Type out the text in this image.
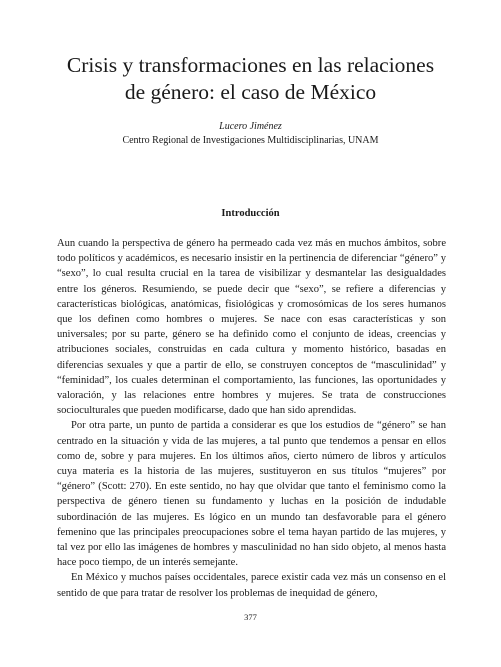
Crisis y transformaciones en las relaciones
de género: el caso de México
Lucero Jiménez
Centro Regional de Investigaciones Multidisciplinarias, UNAM
Introducción

Aun cuando la perspectiva de género ha permeado cada vez más en muchos ámbitos, sobre todo políticos y académicos, es necesario insistir en la pertinencia de diferenciar “género” y “sexo”, lo cual resulta crucial en la tarea de visibilizar y desmantelar las desigualdades entre los géneros. Resumiendo, se puede decir que “sexo”, se refiere a diferencias y características biológicas, anatómicas, fisiológicas y cromosómicas de los seres humanos que los definen como hombres o mujeres. Se nace con esas características y son universales; por su parte, género se ha definido como el conjunto de ideas, creencias y atribuciones sociales, construidas en cada cultura y momento histórico, basadas en diferencias sexuales y que a partir de ello, se construyen conceptos de “masculinidad” y “feminidad”, los cuales determinan el comportamiento, las funciones, las oportunidades y valoración, y las relaciones entre hombres y mujeres. Se trata de construcciones socioculturales que pueden modificarse, dado que han sido aprendidas.

Por otra parte, un punto de partida a considerar es que los estudios de “género” se han centrado en la situación y vida de las mujeres, a tal punto que tendemos a pensar en ellos como de, sobre y para mujeres. En los últimos años, cierto número de libros y artículos cuya materia es la historia de las mujeres, sustituyeron en sus títulos “mujeres” por “género” (Scott: 270). En este sentido, no hay que olvidar que tanto el feminismo como la perspectiva de género tienen su fundamento y luchas en la posición de indudable subordinación de las mujeres. Es lógico en un mundo tan desfavorable para el género femenino que las principales preocupaciones sobre el tema hayan partido de las mujeres, y tal vez por ello las imágenes de hombres y masculinidad no han sido objeto, al menos hasta hace poco tiempo, de un interés semejante.

En México y muchos países occidentales, parece existir cada vez más un consenso en el sentido de que para tratar de resolver los problemas de inequidad de género,

377
